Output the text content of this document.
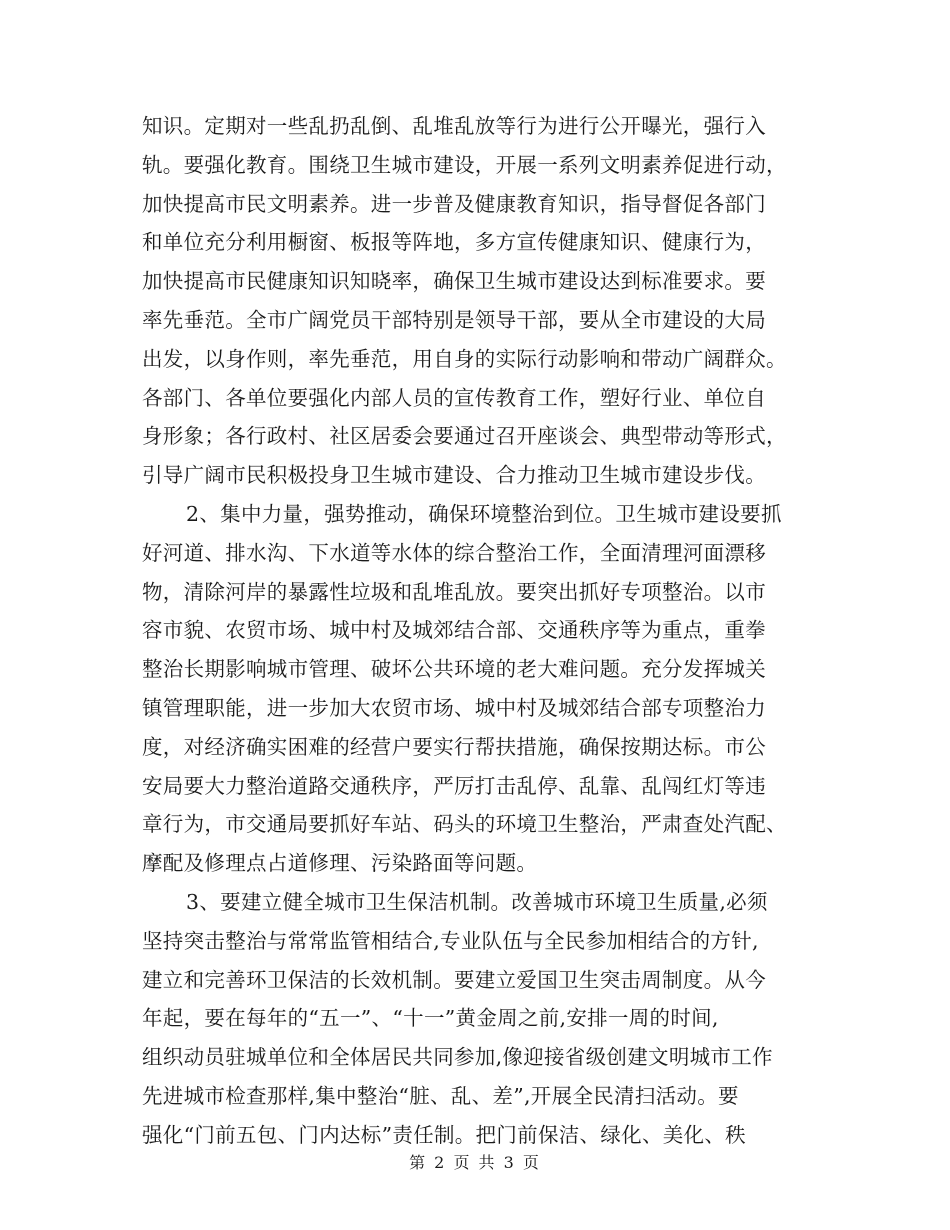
知识。定期对一些乱扔乱倒、乱堆乱放等行为进行公开曝光，强行入
轨。要强化教育。围绕卫生城市建设，开展一系列文明素养促进行动，
加快提高市民文明素养。进一步普及健康教育知识，指导督促各部门
和单位充分利用橱窗、板报等阵地，多方宣传健康知识、健康行为，
加快提高市民健康知识知晓率，确保卫生城市建设达到标准要求。要
率先垂范。全市广阔党员干部特别是领导干部，要从全市建设的大局
出发，以身作则，率先垂范，用自身的实际行动影响和带动广阔群众。
各部门、各单位要强化内部人员的宣传教育工作，塑好行业、单位自
身形象；各行政村、社区居委会要通过召开座谈会、典型带动等形式，
引导广阔市民积极投身卫生城市建设、合力推动卫生城市建设步伐。
2、集中力量，强势推动，确保环境整治到位。卫生城市建设要抓
好河道、排水沟、下水道等水体的综合整治工作，全面清理河面漂移
物，清除河岸的暴露性垃圾和乱堆乱放。要突出抓好专项整治。以市
容市貌、农贸市场、城中村及城郊结合部、交通秩序等为重点，重拳
整治长期影响城市管理、破坏公共环境的老大难问题。充分发挥城关
镇管理职能，进一步加大农贸市场、城中村及城郊结合部专项整治力
度，对经济确实困难的经营户要实行帮扶措施，确保按期达标。市公
安局要大力整治道路交通秩序，严厉打击乱停、乱靠、乱闯红灯等违
章行为，市交通局要抓好车站、码头的环境卫生整治，严肃查处汽配、
摩配及修理点占道修理、污染路面等问题。
3、要建立健全城市卫生保洁机制。改善城市环境卫生质量,必须
坚持突击整治与常常监管相结合,专业队伍与全民参加相结合的方针,
建立和完善环卫保洁的长效机制。要建立爱国卫生突击周制度。从今
年起，要在每年的“五一”、“十一”黄金周之前,安排一周的时间,
组织动员驻城单位和全体居民共同参加,像迎接省级创建文明城市工作
先进城市检查那样,集中整治“脏、乱、差”,开展全民清扫活动。要
强化“门前五包、门内达标”责任制。把门前保洁、绿化、美化、秩
第 2 页 共 3 页
